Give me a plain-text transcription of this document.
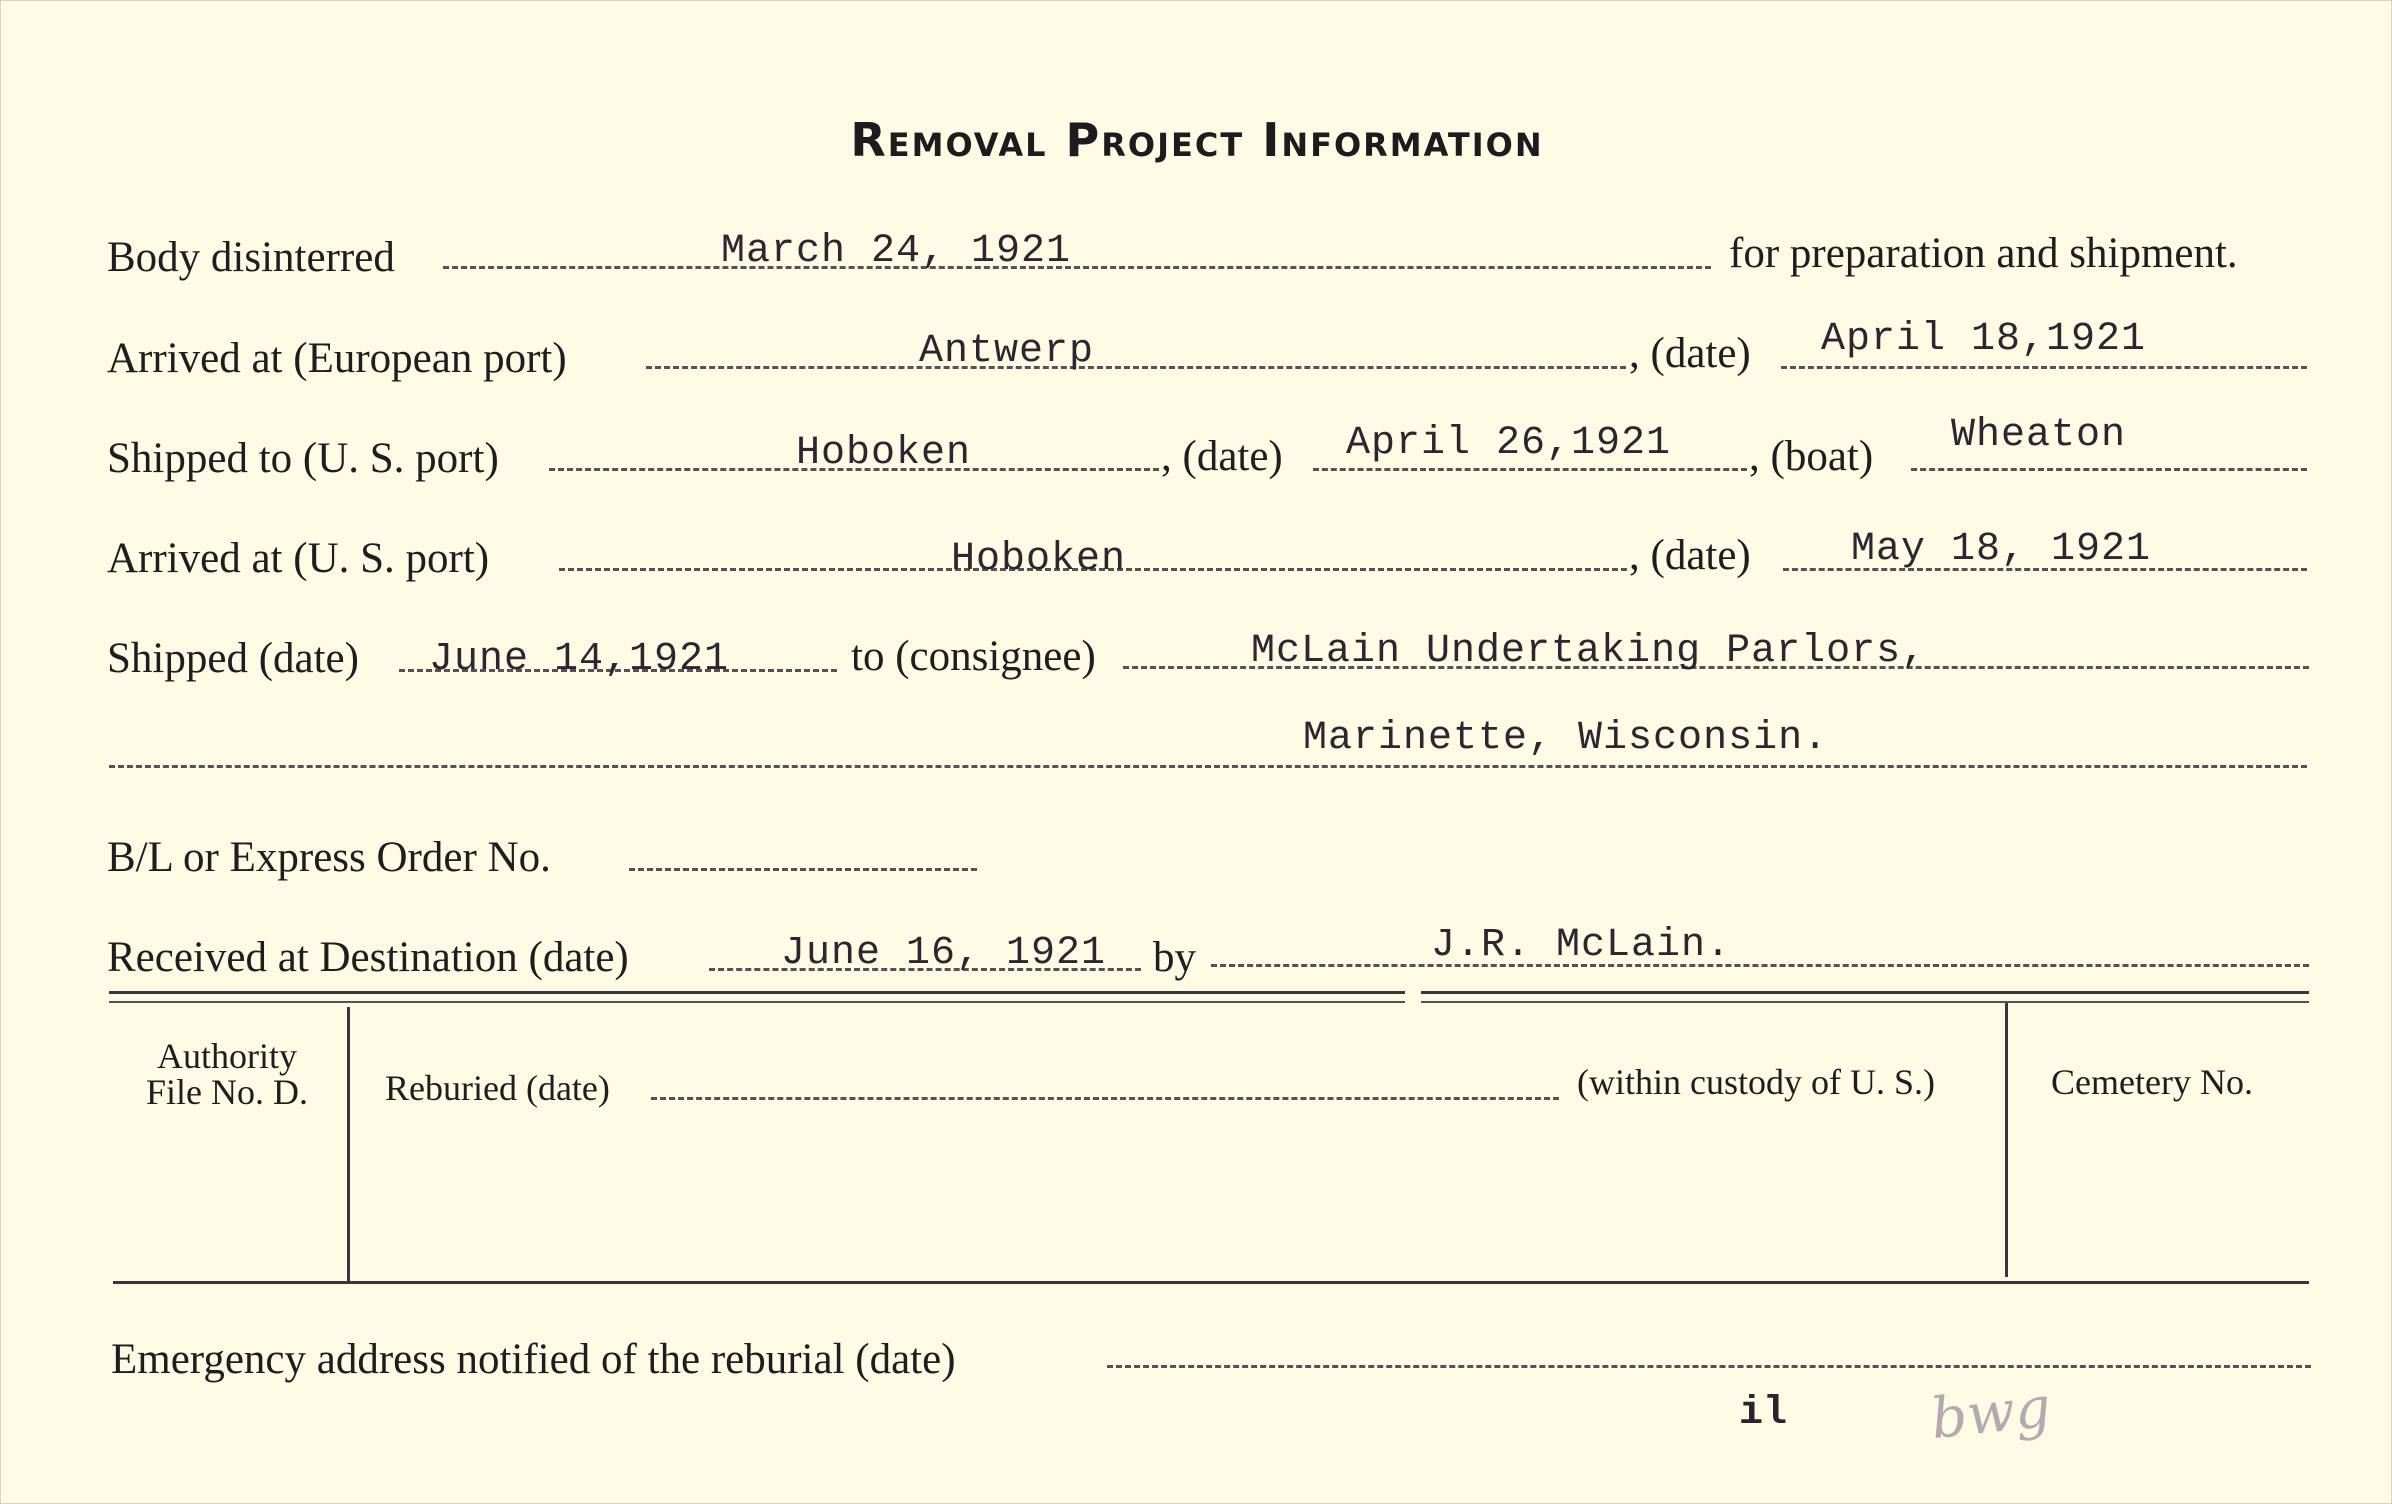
Removal Project Information
Body disinterred	March 24, 1921	for preparation and shipment.
Arrived at (European port)	Antwerp	, (date) April 18,1921
Shipped to (U. S. port)	Hoboken	, (date) April 26,1921 , (boat) Wheaton
Arrived at (U. S. port)	Hoboken	, (date)	May 18, 1921
Shipped (date) June 14,1921	to (consignee)	McLain Undertaking Parlors,
Marinette, Wisconsin.
B/L or Express Order No.
Received at Destination (date)	June 16, 1921 by	J.R. McLain.
Authority
File No. D.	Reburied (date)	(within custody of U. S.)	Cemetery No.
Emergency address notified of the reburial (date)
il	bwg
